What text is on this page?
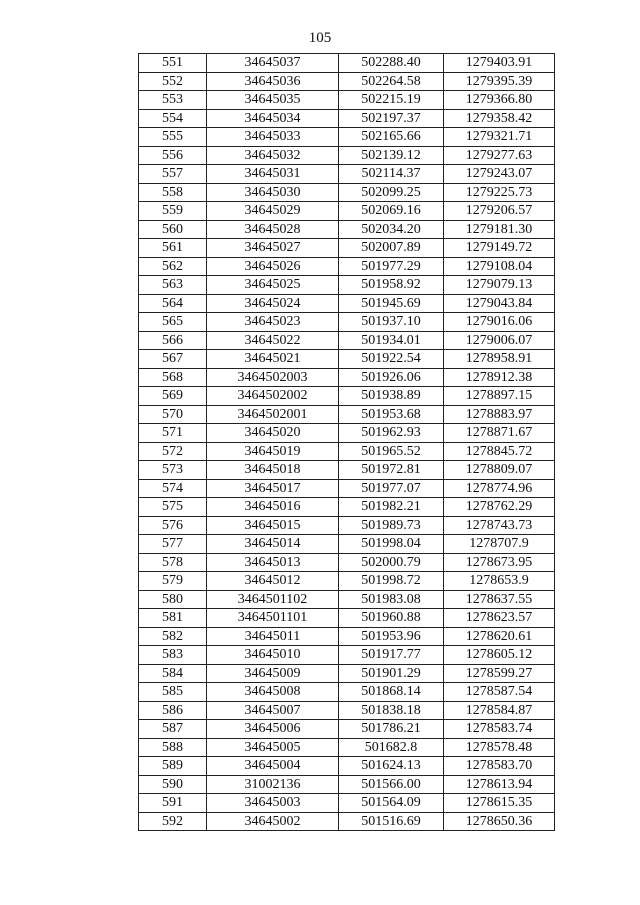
105
551	34645037	502288.40	1279403.91
552	34645036	502264.58	1279395.39
553	34645035	502215.19	1279366.80
554	34645034	502197.37	1279358.42
555	34645033	502165.66	1279321.71
556	34645032	502139.12	1279277.63
557	34645031	502114.37	1279243.07
558	34645030	502099.25	1279225.73
559	34645029	502069.16	1279206.57
560	34645028	502034.20	1279181.30
561	34645027	502007.89	1279149.72
562	34645026	501977.29	1279108.04
563	34645025	501958.92	1279079.13
564	34645024	501945.69	1279043.84
565	34645023	501937.10	1279016.06
566	34645022	501934.01	1279006.07
567	34645021	501922.54	1278958.91
568	3464502003	501926.06	1278912.38
569	3464502002	501938.89	1278897.15
570	3464502001	501953.68	1278883.97
571	34645020	501962.93	1278871.67
572	34645019	501965.52	1278845.72
573	34645018	501972.81	1278809.07
574	34645017	501977.07	1278774.96
575	34645016	501982.21	1278762.29
576	34645015	501989.73	1278743.73
577	34645014	501998.04	1278707.9
578	34645013	502000.79	1278673.95
579	34645012	501998.72	1278653.9
580	3464501102	501983.08	1278637.55
581	3464501101	501960.88	1278623.57
582	34645011	501953.96	1278620.61
583	34645010	501917.77	1278605.12
584	34645009	501901.29	1278599.27
585	34645008	501868.14	1278587.54
586	34645007	501838.18	1278584.87
587	34645006	501786.21	1278583.74
588	34645005	501682.8	1278578.48
589	34645004	501624.13	1278583.70
590	31002136	501566.00	1278613.94
591	34645003	501564.09	1278615.35
592	34645002	501516.69	1278650.36
